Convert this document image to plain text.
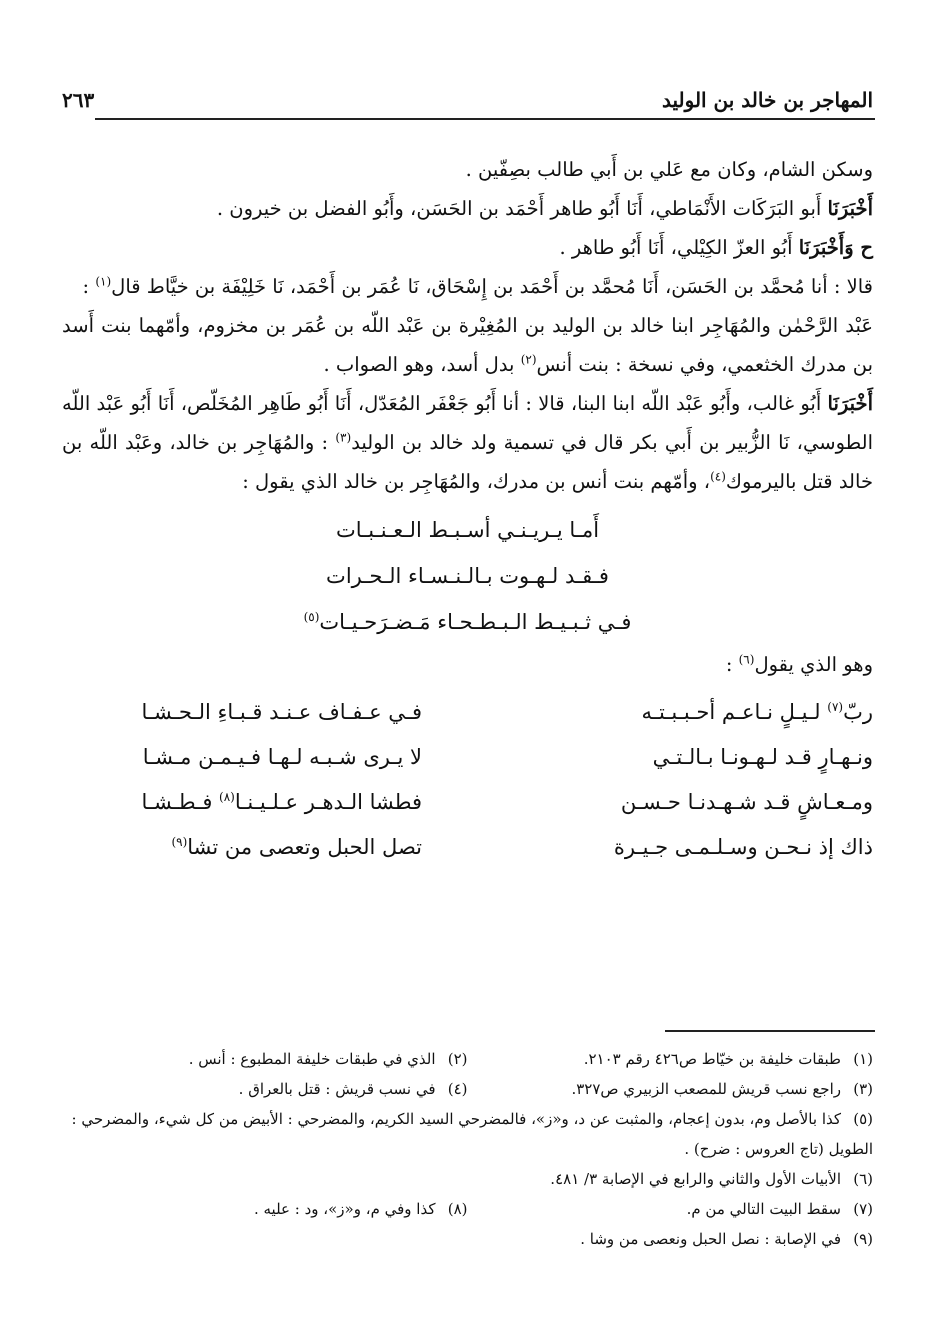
المهاجر بن خالد بن الوليد
٢٦٣

وسكن الشام، وكان مع عَلي بن أَبي طالب بصِفّين .

أَخْبَرَنَا أَبو البَرَكَات الأَنْمَاطي، أَنَا أَبُو طاهر أَحْمَد بن الحَسَن، وأَبُو الفضل بن خيرون .

ح وَأَخْبَرَنَا أَبُو العزّ الكِيْلي، أَنَا أَبُو طاهر .

قالا : أنا مُحمَّد بن الحَسَن، أَنَا مُحمَّد بن أَحْمَد بن إِسْحَاق، نَا عُمَر بن أَحْمَد، نَا خَلِيْفَة بن خيَّاط قال$^{(١)}$ :

عَبْد الرَّحْمٰن والمُهَاجِر ابنا خالد بن الوليد بن المُغِيْرة بن عَبْد اللّه بن عُمَر بن مخزوم، وأمّهما بنت أَسد بن مدرك الخثعمي، وفي نسخة : بنت أنس$^{(٢)}$ بدل أسد، وهو الصواب .

أَخْبَرَنَا أَبُو غالب، وأَبُو عَبْد اللّه ابنا البنا، قالا : أنا أَبُو جَعْفَر المُعَدّل، أَنَا أَبُو طَاهِر المُخَلّص، أَنَا أَبُو عَبْد اللّه الطوسي، نَا الزُّبير بن أَبي بكر قال في تسمية ولد خالد بن الوليد$^{(٣)}$ : والمُهَاجِر بن خالد، وعَبْد اللّه بن خالد قتل باليرموك$^{(٤)}$، وأمّهم بنت أنس بن مدرك، والمُهَاجِر بن خالد الذي يقول :

أَمـا يـريـنـي أسـبـط الـعـنـبـات
فـقـد لـهـوت بـالـنـسـاء الـحـرات
فـي ثـبـيـط الـبـطـحـاء مَـضـرَحـيـات$^{(٥)}$

وهو الذي يقول$^{(٦)}$ :

ربّ$^{(٧)}$ لـيـلٍ نـاعـم أحـبـبـتـه
فـي عـفـاف عـنـد قـبـاءِ الـحـشـا
ونـهـارٍ قـد لـهـونـا بـالـتـي
لا يـرى شـبـه لـهـا فـيـمـن مـشـا
ومـعـاشٍ قـد شـهـدنـا حـسـن
فطشا الـدهـر عـلـيـنـا$^{(٨)}$ فـطـشـا
ذاك إذ نـحـن وسـلـمـى جـيـرة
تصل الحبل وتعصى من تشا$^{(٩)}$
(١)طبقات خليفة بن خيّاط ص٤٢٦ رقم ٢١٠٣.
(٢)الذي في طبقات خليفة المطبوع : أنس .
(٣)راجع نسب قريش للمصعب الزبيري ص٣٢٧.
(٤)في نسب قريش : قتل بالعراق .
(٥)كذا بالأصل وم، بدون إعجام، والمثبت عن د، و«ز»، فالمضرحي السيد الكريم، والمضرحي : الأبيض من كل شيء، والمضرحي : الطويل (تاج العروس : ضرح) .
(٦)الأبيات الأول والثاني والرابع في الإصابة ٣/ ٤٨١.
(٧)سقط البيت التالي من م.
(٨)كذا وفي م، و«ز»، ود : عليه .
(٩)في الإصابة : نصل الحبل ونعصى من وشا .
